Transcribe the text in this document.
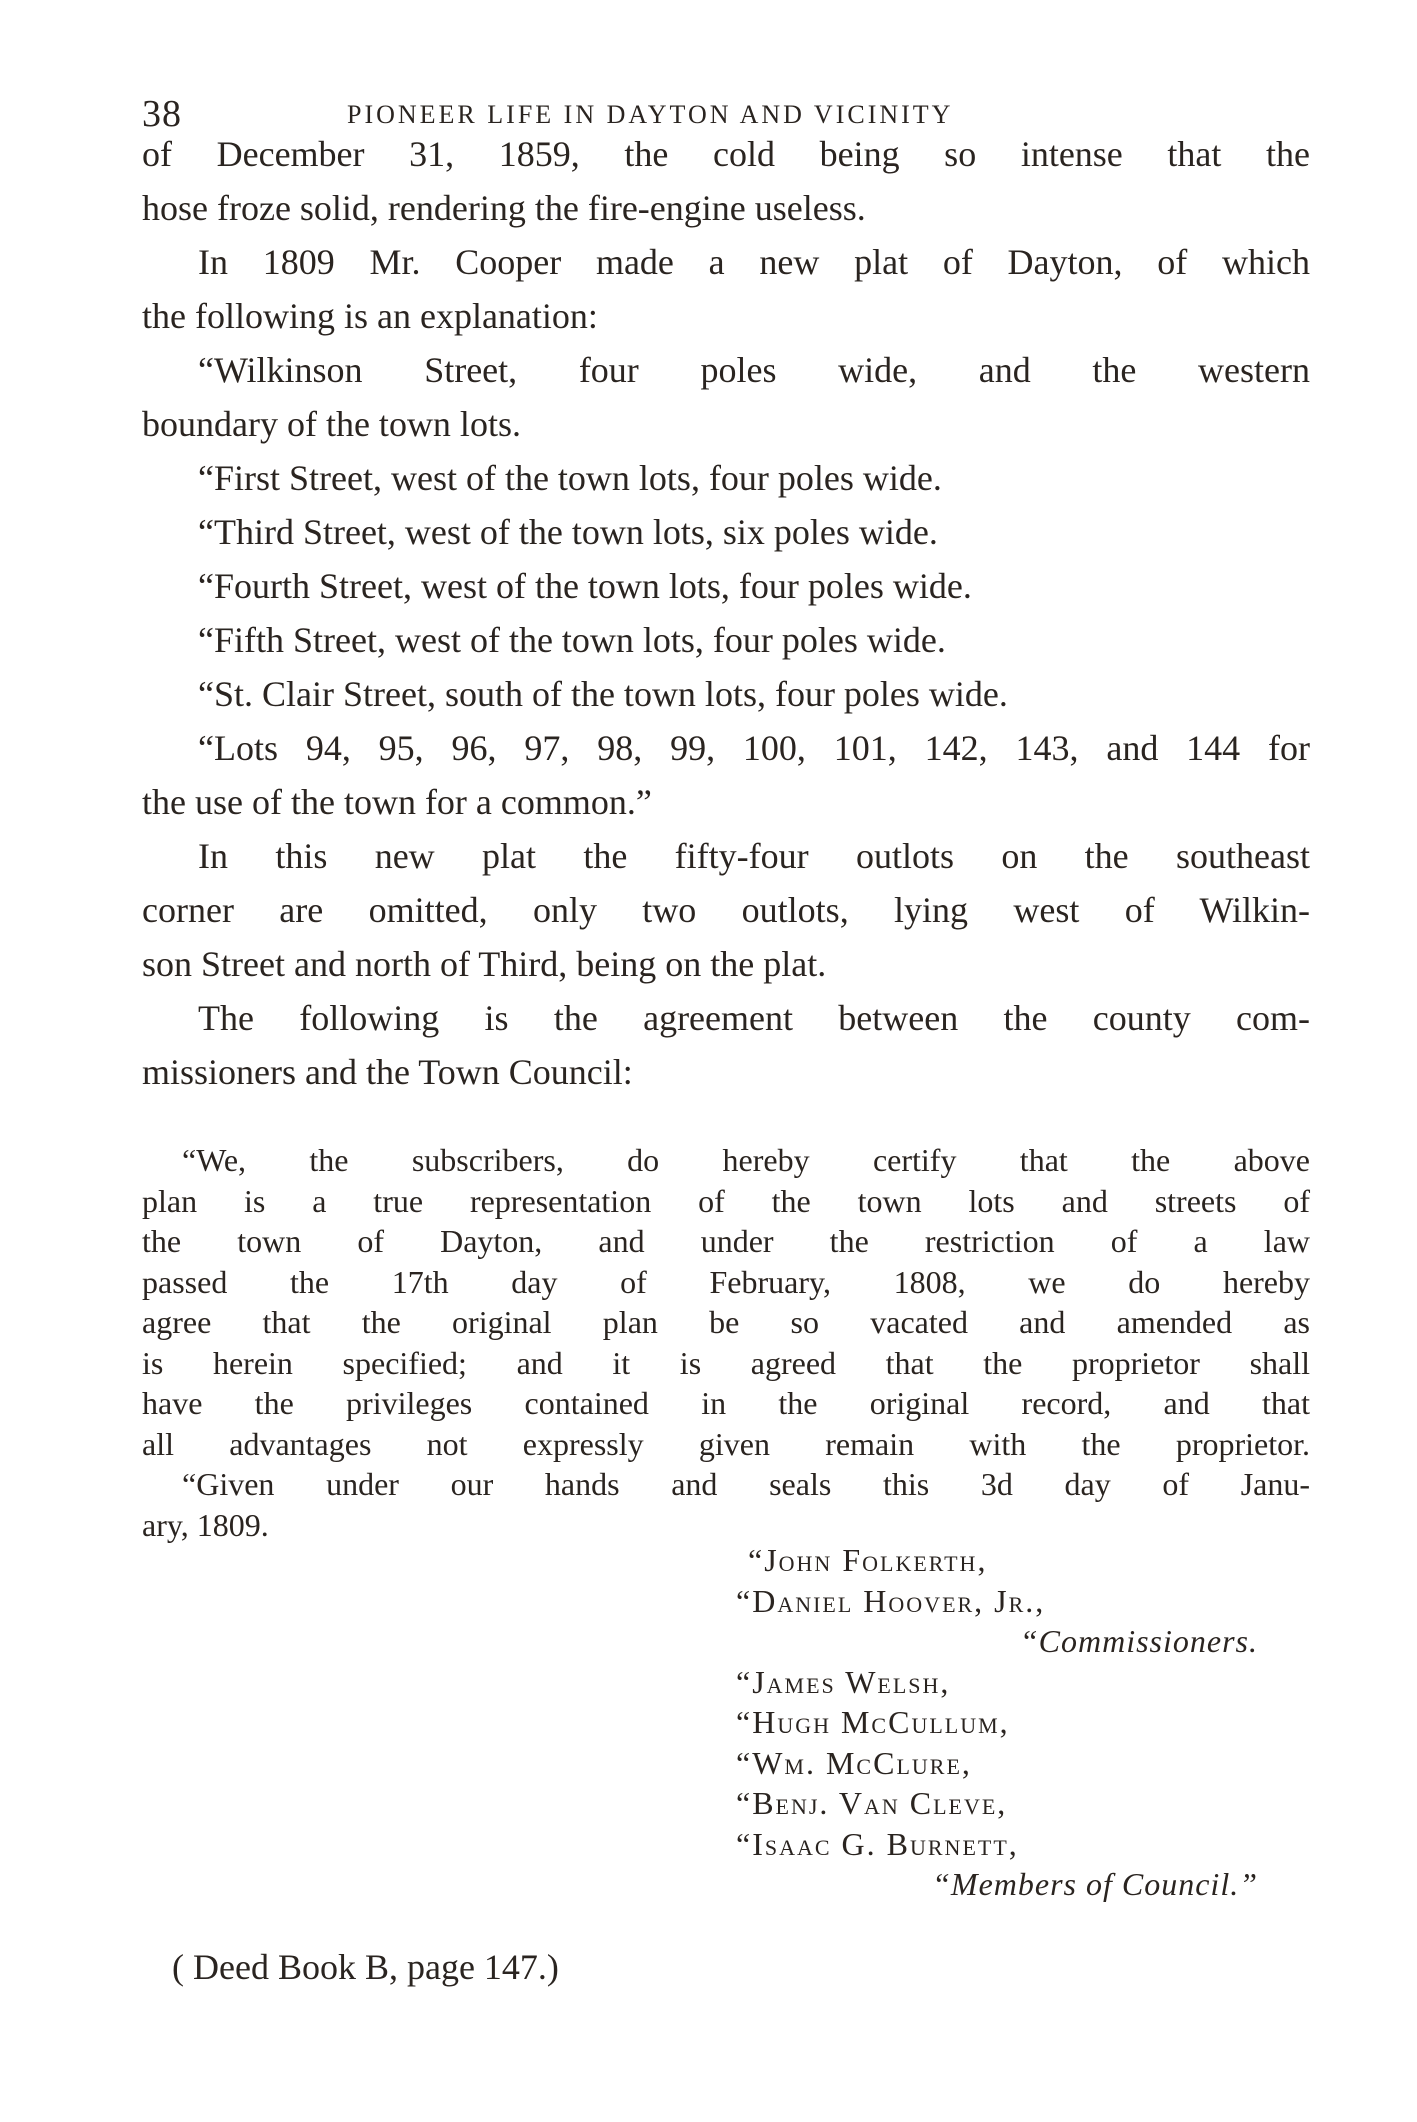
38	PIONEER LIFE IN DAYTON AND VICINITY
of December 31, 1859, the cold being so intense that the
hose froze solid, rendering the fire-engine useless.
In 1809 Mr. Cooper made a new plat of Dayton, of which
the following is an explanation:
“Wilkinson Street, four poles wide, and the western
boundary of the town lots.
“First Street, west of the town lots, four poles wide.
“Third Street, west of the town lots, six poles wide.
“Fourth Street, west of the town lots, four poles wide.
“Fifth Street, west of the town lots, four poles wide.
“St. Clair Street, south of the town lots, four poles wide.
“Lots 94, 95, 96, 97, 98, 99, 100, 101, 142, 143, and 144 for
the use of the town for a common.”
In this new plat the fifty-four outlots on the southeast
corner are omitted, only two outlots, lying west of Wilkin-
son Street and north of Third, being on the plat.
The following is the agreement between the county com-
missioners and the Town Council:
“We, the subscribers, do hereby certify that the above
plan is a true representation of the town lots and streets of
the town of Dayton, and under the restriction of a law
passed the 17th day of February, 1808, we do hereby
agree that the original plan be so vacated and amended as
is herein specified; and it is agreed that the proprietor shall
have the privileges contained in the original record, and that
all advantages not expressly given remain with the proprietor.
“Given under our hands and seals this 3d day of Janu-
ary, 1809.
“John Folkerth,
“Daniel Hoover, Jr.,
“Commissioners.
“James Welsh,
“Hugh McCullum,
“Wm. McClure,
“Benj. Van Cleve,
“Isaac G. Burnett,
“Members of Council.”
( Deed Book B, page 147.)
